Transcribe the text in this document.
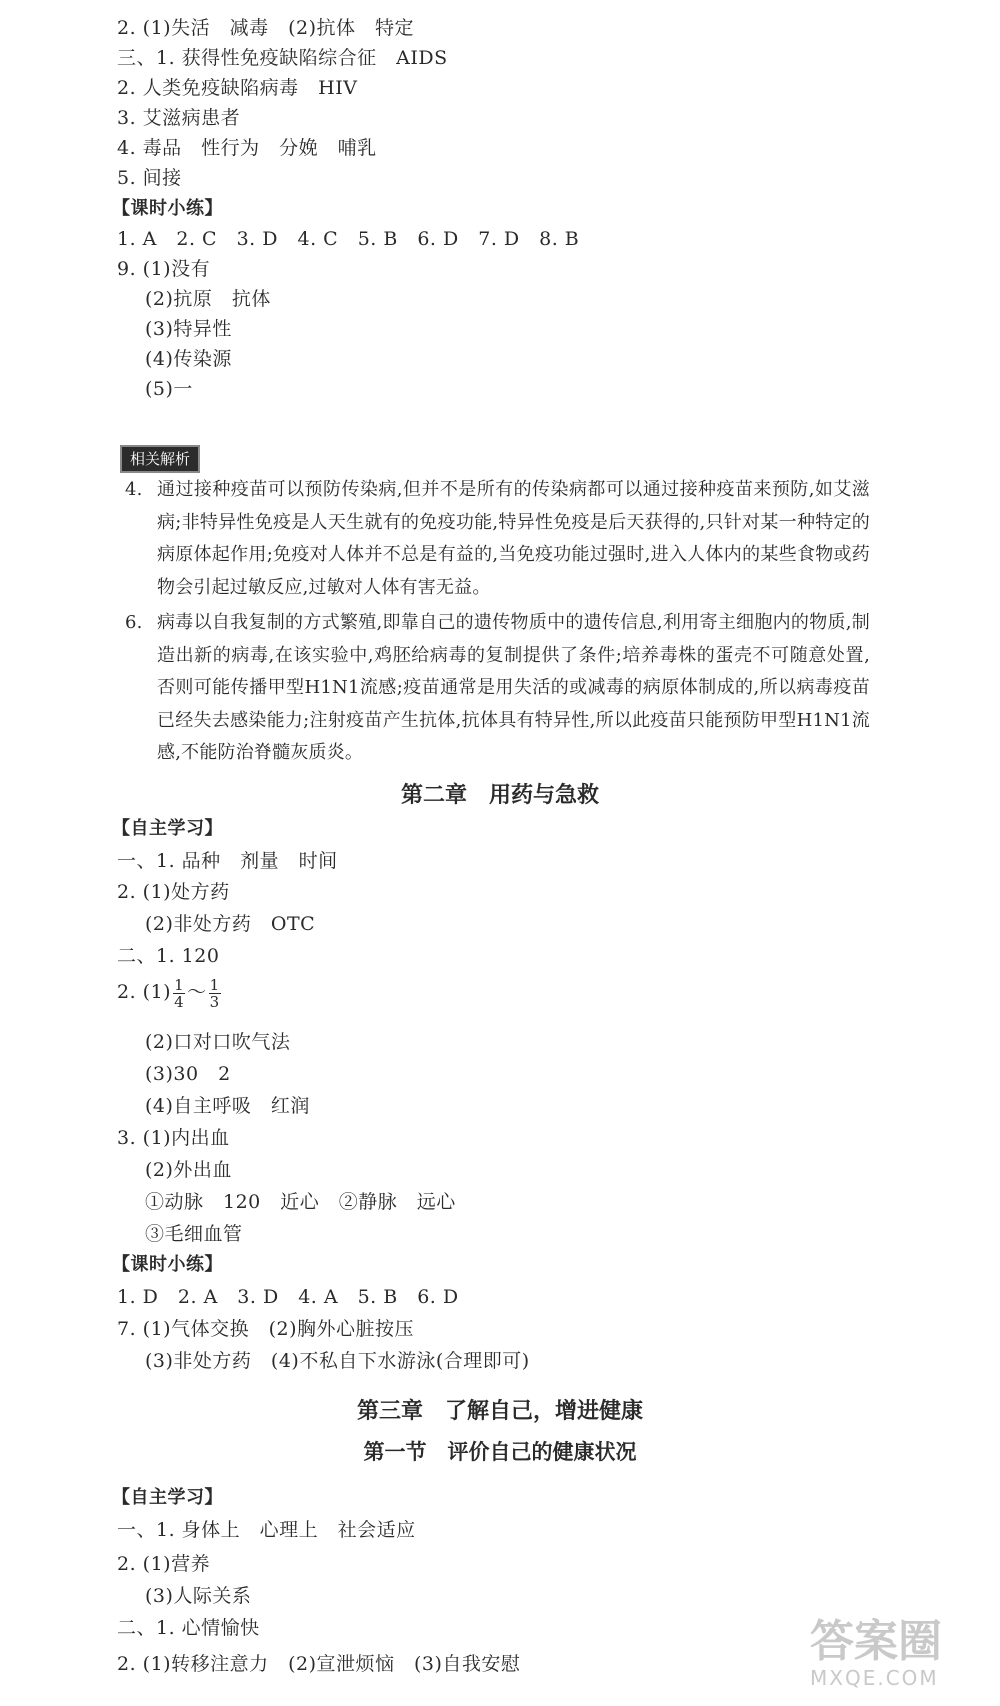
2. (1)失活　减毒　(2)抗体　特定
三、1. 获得性免疫缺陷综合征　AIDS
2. 人类免疫缺陷病毒　HIV
3. 艾滋病患者
4. 毒品　性行为　分娩　哺乳
5. 间接
【课时小练】
1. A　2. C　3. D　4. C　5. B　6. D　7. D　8. B
9. (1)没有
(2)抗原　抗体
(3)特异性
(4)传染源
(5)一
相关解析
4. 通过接种疫苗可以预防传染病,但并不是所有的传染病都可以通过接种疫苗来预防,如艾滋病;非特异性免疫是人天生就有的免疫功能,特异性免疫是后天获得的,只针对某一种特定的病原体起作用;免疫对人体并不总是有益的,当免疫功能过强时,进入人体内的某些食物或药物会引起过敏反应,过敏对人体有害无益。
6. 病毒以自我复制的方式繁殖,即靠自己的遗传物质中的遗传信息,利用寄主细胞内的物质,制造出新的病毒,在该实验中,鸡胚给病毒的复制提供了条件;培养毒株的蛋壳不可随意处置,否则可能传播甲型H1N1流感;疫苗通常是用失活的或减毒的病原体制成的,所以病毒疫苗已经失去感染能力;注射疫苗产生抗体,抗体具有特异性,所以此疫苗只能预防甲型H1N1流感,不能防治脊髓灰质炎。
第二章　用药与急救
【自主学习】
一、1. 品种　剂量　时间
2. (1)处方药
(2)非处方药　OTC
二、1. 120
2. $(1) \frac{1}{4}$ ～ $\frac{1}{3}$
(2)口对口吹气法
(3)30　2
(4)自主呼吸　红润
3. (1)内出血
(2)外出血
①动脉　120　近心　②静脉　远心
③毛细血管
【课时小练】
1. D　2. A　3. D　4. A　5. B　6. D
7. (1)气体交换　(2)胸外心脏按压
(3)非处方药　(4)不私自下水游泳(合理即可)
第三章　了解自己，增进健康
第一节　评价自己的健康状况
【自主学习】
一、1. 身体上　心理上　社会适应
2. (1)营养
(3)人际关系
二、1. 心情愉快
2. (1)转移注意力　(2)宣泄烦恼　(3)自我安慰	答案圈
MXQE.COM
